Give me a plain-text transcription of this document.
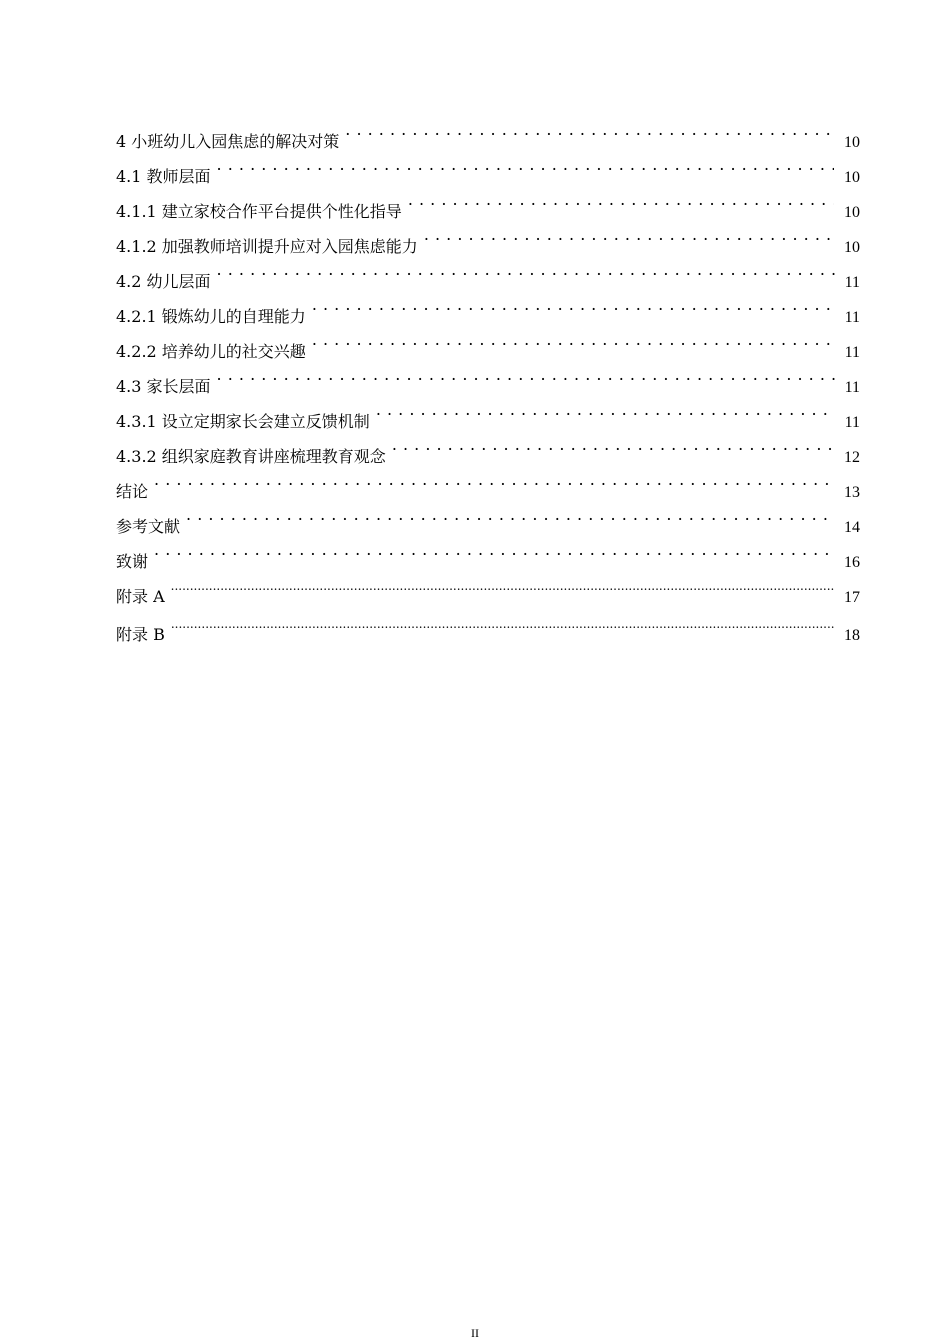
4 小班幼儿入园焦虑的解决对策 . . .	10
4.1 教师层面 . . .	10
4.1.1 建立家校合作平台提供个性化指导 . . .	10
4.1.2 加强教师培训提升应对入园焦虑能力 . . .	10
4.2 幼儿层面 . . .	11
4.2.1 锻炼幼儿的自理能力 . . .	11
4.2.2 培养幼儿的社交兴趣 . . .	11
4.3 家长层面 . . .	11
4.3.1 设立定期家长会建立反馈机制 . . .	11
4.3.2 组织家庭教育讲座梳理教育观念 . . .	12
结论 . . .	13
参考文献 . . .	14
致谢 . . .	16
附录 A .....	17
附录 B .....	18
II
